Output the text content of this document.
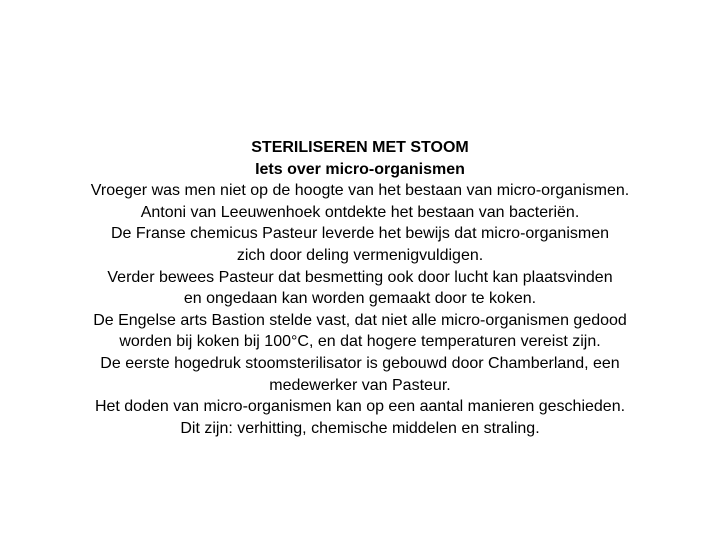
STERILISEREN MET STOOM
Iets over micro‑organismen
Vroeger was men niet op de hoogte van het bestaan van micro‑organismen.
Antoni van Leeuwenhoek ontdekte het bestaan van bacteriën.
De Franse chemicus Pasteur leverde het bewijs dat micro‑organismen
zich door deling vermenigvuldigen.
Verder bewees Pasteur dat besmetting ook door lucht kan plaatsvinden
en ongedaan kan worden gemaakt door te koken.
De Engelse arts Bastion stelde vast, dat niet alle micro-organismen gedood
worden bij koken bij 100°C, en dat hogere temperaturen vereist zijn.
De eerste hogedruk stoomsterilisator is gebouwd door Chamberland, een
medewerker van Pasteur.
Het doden van micro‑organismen kan op een aantal manieren geschieden.
Dit zijn: verhitting, chemische middelen en straling.
